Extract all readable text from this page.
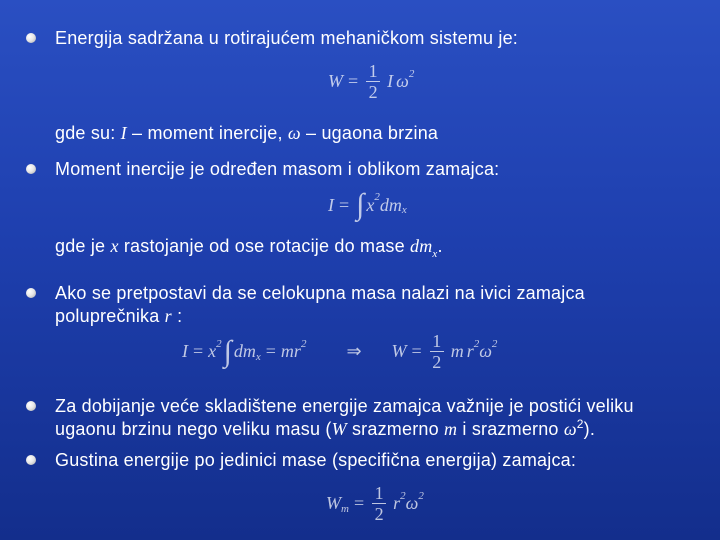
Energija sadržana u rotirajućem mehaničkom sistemu je:
$W = \frac{1}{2}$ I ω 2
gde su: I – moment inercije, ω – ugaona brzina
Moment inercije je određen masom i oblikom zamajca:
I = ∫ x 2 dm x
gde je x rastojanje od ose rotacije do mase $dm_x$.
Ako se pretpostavi da se celokupna masa nalazi na ivici zamajca
poluprečnika r :
I = x 2 ∫ dm x = mr 2 ⇒ $W = \frac{1}{2}$ m r 2 ω 2
Za dobijanje veće skladištene energije zamajca važnije je postići veliku
ugaonu brzinu nego veliku masu (W srazmerno m i srazmerno $\omega^2$).
Gustina energije po jedinici mase (specifična energija) zamajca:
W $m = \frac{1}{2}$ r 2 ω 2
